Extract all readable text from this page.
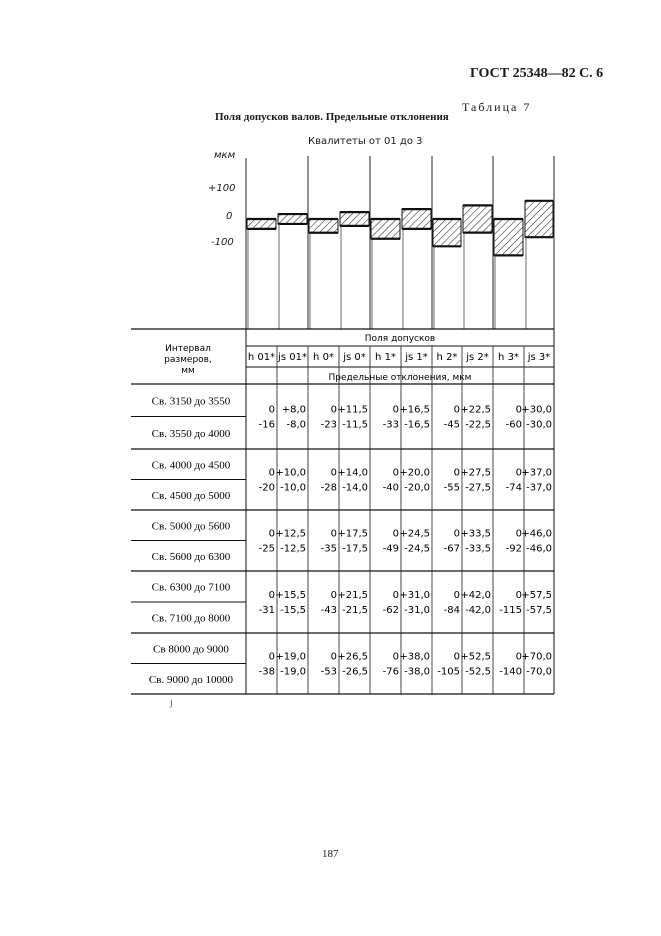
ГОСТ 25348—82 С. 6
Таблица 7
Поля допусков валов. Предельные отклонения
Квалитеты от 01 до 3
мкм
+100
0
-100
Интервал
размеров,
мм
Поля допусков
Предельные отклонения, мкм
h 01* js 01* h 0* js 0* h 1* js 1* h 2* js 2* h 3* js 3*
Св. 3150 до 3550
Св. 3550 до 4000
0 +8,0 0 +11,5 0 +16,5 0 +22,5 0 +30,0
-16 -8,0 -23 -11,5 -33 -16,5 -45 -22,5 -60 -30,0
Св. 4000 до 4500
Св. 4500 до 5000
0 +10,0 0 +14,0 0 +20,0 0 +27,5 0 +37,0
-20 -10,0 -28 -14,0 -40 -20,0 -55 -27,5 -74 -37,0
Св. 5000 до 5600
Св. 5600 до 6300
0 +12,5 0 +17,5 0 +24,5 0 +33,5 0 +46,0
-25 -12,5 -35 -17,5 -49 -24,5 -67 -33,5 -92 -46,0
Св. 6300 до 7100
Св. 7100 до 8000
0 +15,5 0 +21,5 0 +31,0 0 +42,0 0 +57,5
-31 -15,5 -43 -21,5 -62 -31,0 -84 -42,0 -115 -57,5
Св 8000 до 9000
Св. 9000 до 10000
0 +19,0 0 +26,5 0 +38,0 0 +52,5 0 +70,0
-38 -19,0 -53 -26,5 -76 -38,0 -105 -52,5 -140 -70,0
187
ȷ
